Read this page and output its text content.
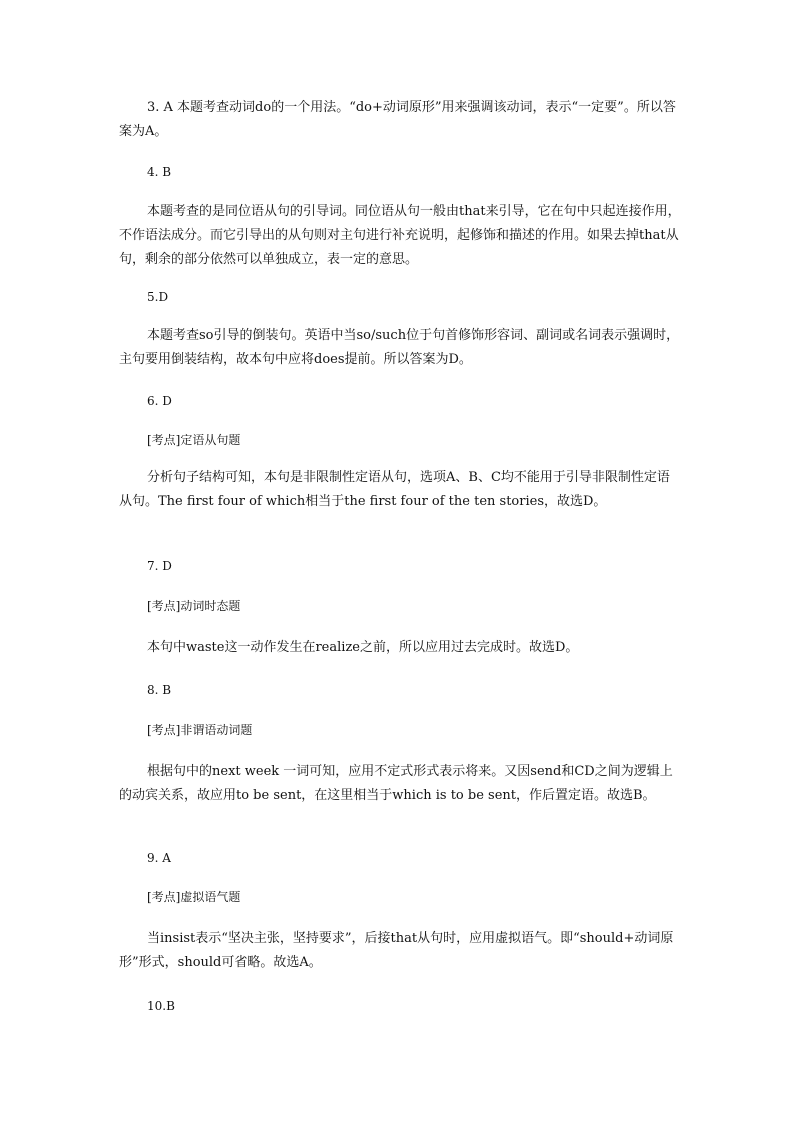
3. A 本题考查动词do的一个用法。“do+动词原形”用来强调该动词，表示“一定要”。所以答案为A。

4. B

本题考查的是同位语从句的引导词。同位语从句一般由that来引导，它在句中只起连接作用，不作语法成分。而它引导出的从句则对主句进行补充说明，起修饰和描述的作用。如果去掉that从句，剩余的部分依然可以单独成立，表一定的意思。

5.D

本题考查so引导的倒装句。英语中当so/such位于句首修饰形容词、副词或名词表示强调时，主句要用倒装结构，故本句中应将does提前。所以答案为D。

6. D

[考点]定语从句题

分析句子结构可知，本句是非限制性定语从句，选项A、B、C均不能用于引导非限制性定语从句。The first four of which相当于the first four of the ten stories，故选D。

7. D

[考点]动词时态题

本句中waste这一动作发生在realize之前，所以应用过去完成时。故选D。

8. B

[考点]非谓语动词题

根据句中的next week 一词可知，应用不定式形式表示将来。又因send和CD之间为逻辑上的动宾关系，故应用to be sent，在这里相当于which is to be sent，作后置定语。故选B。

9. A

[考点]虚拟语气题

当insist表示“坚决主张，坚持要求”，后接that从句时，应用虚拟语气。即“should+动词原形”形式，should可省略。故选A。

10.B
